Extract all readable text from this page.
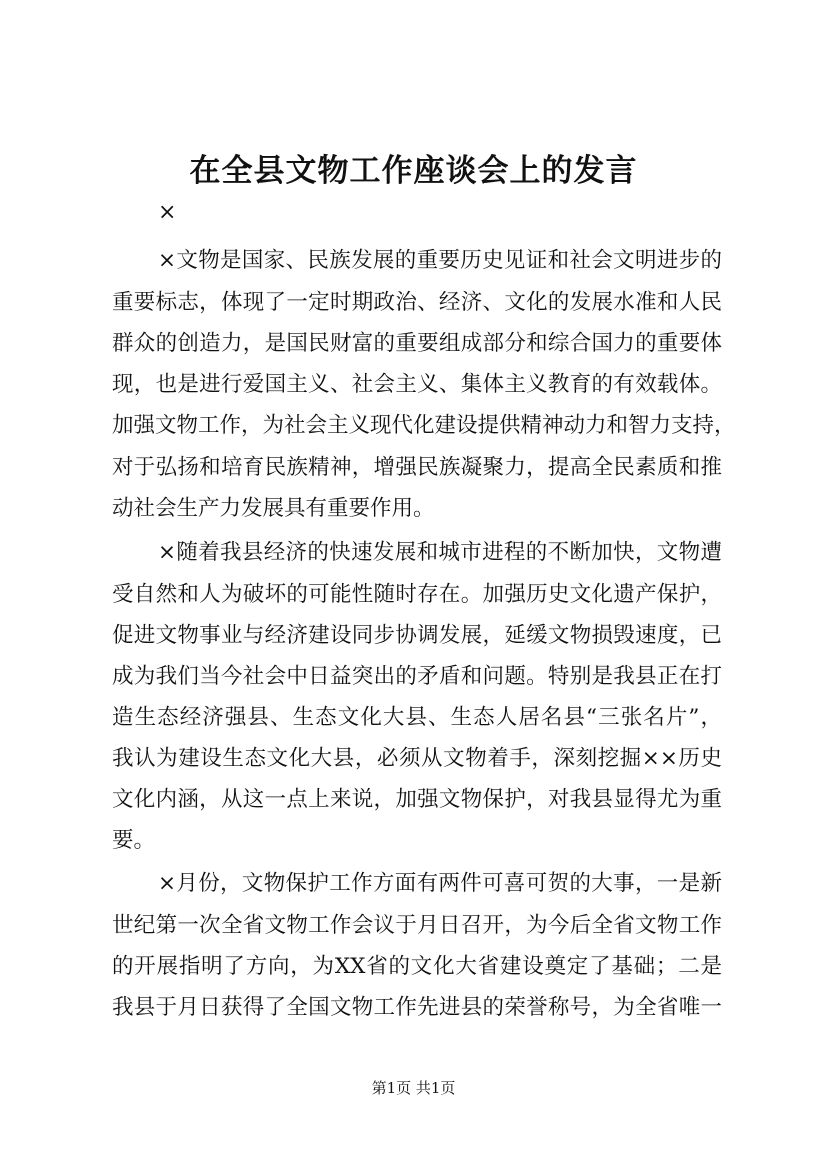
在全县文物工作座谈会上的发言
×
×文物是国家、民族发展的重要历史见证和社会文明进步的
重要标志，体现了一定时期政治、经济、文化的发展水准和人民
群众的创造力，是国民财富的重要组成部分和综合国力的重要体
现，也是进行爱国主义、社会主义、集体主义教育的有效载体。
加强文物工作，为社会主义现代化建设提供精神动力和智力支持，
对于弘扬和培育民族精神，增强民族凝聚力，提高全民素质和推
动社会生产力发展具有重要作用。
×随着我县经济的快速发展和城市进程的不断加快，文物遭
受自然和人为破坏的可能性随时存在。加强历史文化遗产保护，
促进文物事业与经济建设同步协调发展，延缓文物损毁速度，已
成为我们当今社会中日益突出的矛盾和问题。特别是我县正在打
造生态经济强县、生态文化大县、生态人居名县“三张名片”，
我认为建设生态文化大县，必须从文物着手，深刻挖掘××历史
文化内涵，从这一点上来说，加强文物保护，对我县显得尤为重
要。
×月份，文物保护工作方面有两件可喜可贺的大事，一是新
世纪第一次全省文物工作会议于月日召开，为今后全省文物工作
的开展指明了方向，为XX省的文化大省建设奠定了基础；二是
我县于月日获得了全国文物工作先进县的荣誉称号，为全省唯一
第1页 共1页
